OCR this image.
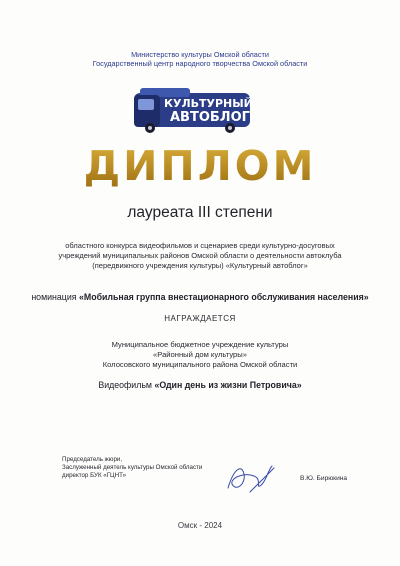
Министерство культуры Омской области
Государственный центр народного творчества Омской области
КУЛЬТУРНЫЙ
АВТОБЛОГ
ДИПЛОМ
лауреата III степени
областного конкурса видеофильмов и сценариев среди культурно-досуговых
учреждений муниципальных районов Омской области о деятельности автоклуба
(передвижного учреждения культуры) «Культурный автоблог»
номинация «Мобильная группа внестационарного обслуживания населения»
НАГРАЖДАЕТСЯ
Муниципальное бюджетное учреждение культуры
«Районный дом культуры»
Колосовского муниципального района Омской области
Видеофильм «Один день из жизни Петровича»
Председатель жюри,
Заслуженный деятель культуры Омской области
директор БУК «ГЦНТ»	В.Ю. Бирюкина
Омск - 2024
